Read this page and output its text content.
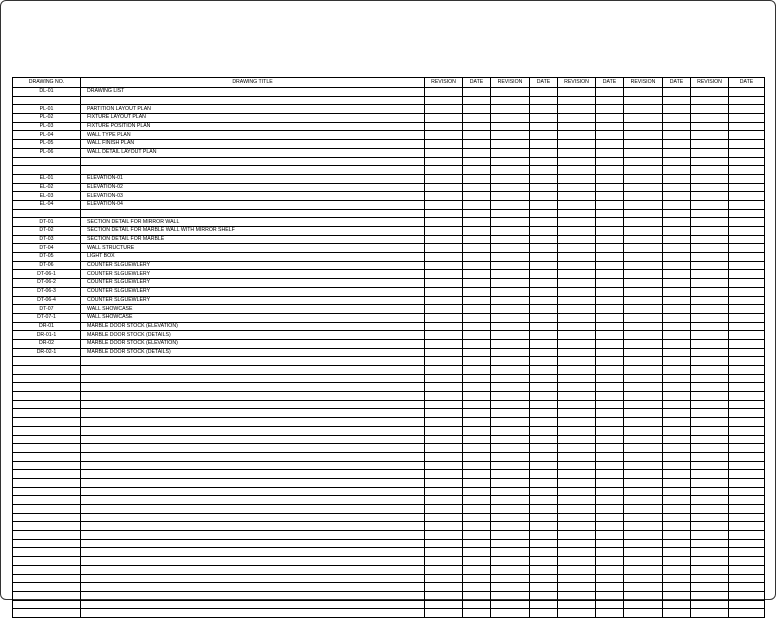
DRAWING NO.	DRAWING TITLE	REVISION	DATE	REVISION	DATE	REVISION	DATE	REVISION	DATE	REVISION	DATE
DL-01	DRAWING LIST										

PL-01	PARTITION LAYOUT PLAN										
PL-02	FIXTURE LAYOUT PLAN										
PL-03	FIXTURE POSITION PLAN										
PL-04	WALL TYPE PLAN										
PL-05	WALL FINISH PLAN										
PL-06	WALL DETAIL LAYOUT PLAN										

EL-01	ELEVATION-01										
EL-02	ELEVATION-02										
EL-03	ELEVATION-03										
EL-04	ELEVATION-04										

DT-01	SECTION DETAIL FOR MIRROR WALL										
DT-02	SECTION DETAIL FOR MARBLE WALL WITH MIRROR SHELF										
DT-03	SECTION DETAIL FOR MARBLE										
DT-04	WALL STRUCTURE										
DT-05	LIGHT BOX										
DT-06	COUNTER SLGUEWLERY										
DT-06-1	COUNTER SLGUEWLERY										
DT-06-2	COUNTER SLGUEWLERY										
DT-06-3	COUNTER SLGUEWLERY										
DT-06-4	COUNTER SLGUEWLERY										
DT-07	WALL SHOWCASE										
DT-07-1	WALL SHOWCASE										
DR-01	MARBLE DOOR STOCK (ELEVATION)										
DR-01-1	MARBLE DOOR STOCK (DETAILS)										
DR-02	MARBLE DOOR STOCK (ELEVATION)										
DR-02-1	MARBLE DOOR STOCK (DETAILS)										
